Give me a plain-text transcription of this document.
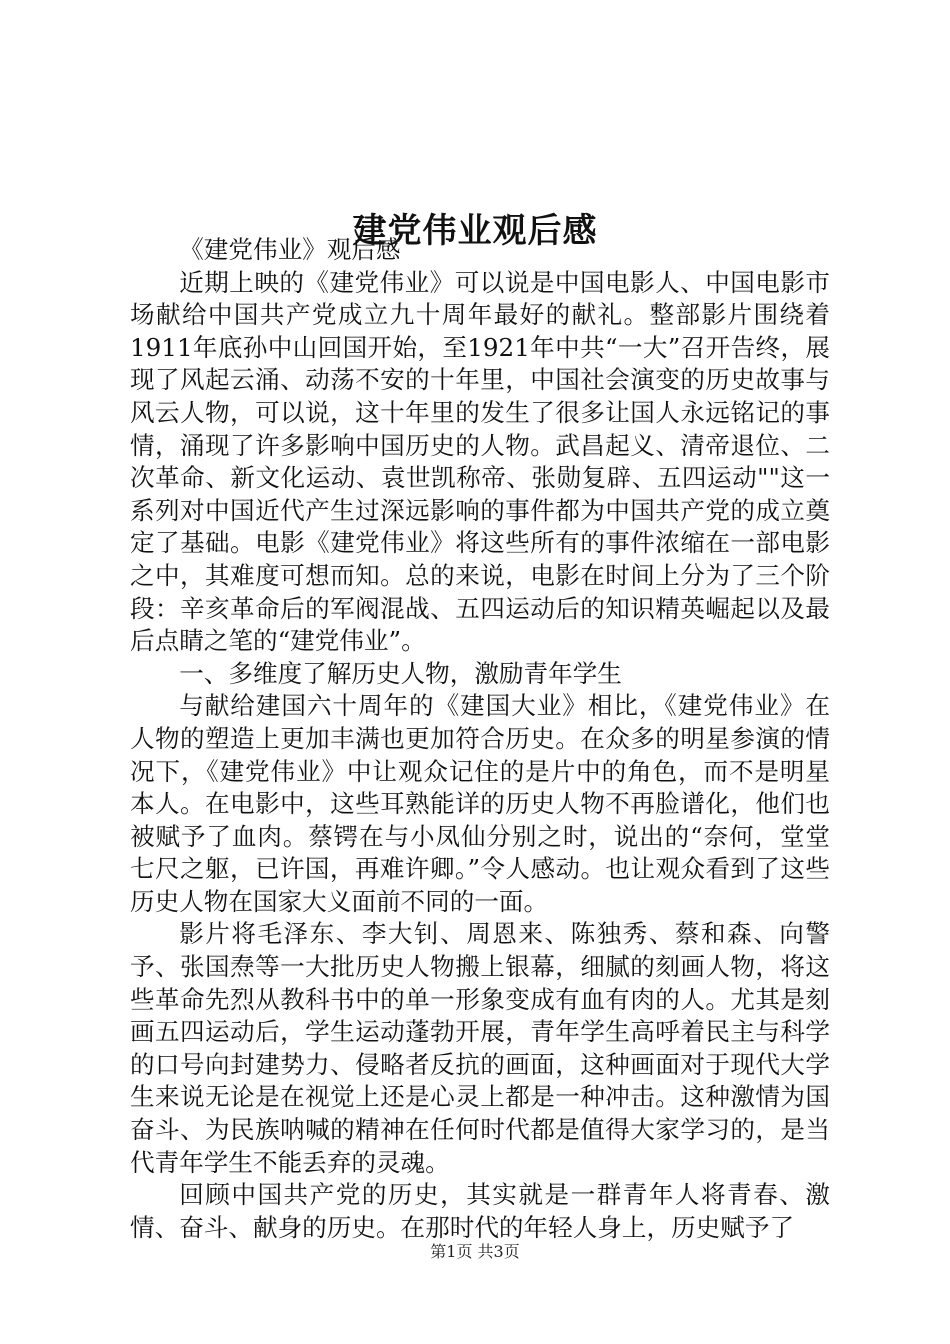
建党伟业观后感

《建党伟业》观后感

近期上映的《建党伟业》可以说是中国电影人、中国电影市场献给中国共产党成立九十周年最好的献礼。整部影片围绕着1911年底孙中山回国开始，至1921年中共“一大”召开告终，展现了风起云涌、动荡不安的十年里，中国社会演变的历史故事与风云人物，可以说，这十年里的发生了很多让国人永远铭记的事情，涌现了许多影响中国历史的人物。武昌起义、清帝退位、二次革命、新文化运动、袁世凯称帝、张勋复辟、五四运动""这一系列对中国近代产生过深远影响的事件都为中国共产党的成立奠定了基础。电影《建党伟业》将这些所有的事件浓缩在一部电影之中，其难度可想而知。总的来说，电影在时间上分为了三个阶段：辛亥革命后的军阀混战、五四运动后的知识精英崛起以及最后点睛之笔的“建党伟业”。

一、多维度了解历史人物，激励青年学生

与献给建国六十周年的《建国大业》相比，《建党伟业》在人物的塑造上更加丰满也更加符合历史。在众多的明星参演的情况下，《建党伟业》中让观众记住的是片中的角色，而不是明星本人。在电影中，这些耳熟能详的历史人物不再脸谱化，他们也被赋予了血肉。蔡锷在与小凤仙分别之时，说出的“奈何，堂堂七尺之躯，已许国，再难许卿。”令人感动。也让观众看到了这些历史人物在国家大义面前不同的一面。

影片将毛泽东、李大钊、周恩来、陈独秀、蔡和森、向警予、张国焘等一大批历史人物搬上银幕，细腻的刻画人物，将这些革命先烈从教科书中的单一形象变成有血有肉的人。尤其是刻画五四运动后，学生运动蓬勃开展，青年学生高呼着民主与科学的口号向封建势力、侵略者反抗的画面，这种画面对于现代大学生来说无论是在视觉上还是心灵上都是一种冲击。这种激情为国奋斗、为民族呐喊的精神在任何时代都是值得大家学习的，是当代青年学生不能丢弃的灵魂。

回顾中国共产党的历史，其实就是一群青年人将青春、激情、奋斗、献身的历史。在那时代的年轻人身上，历史赋予了

第1页 共3页
